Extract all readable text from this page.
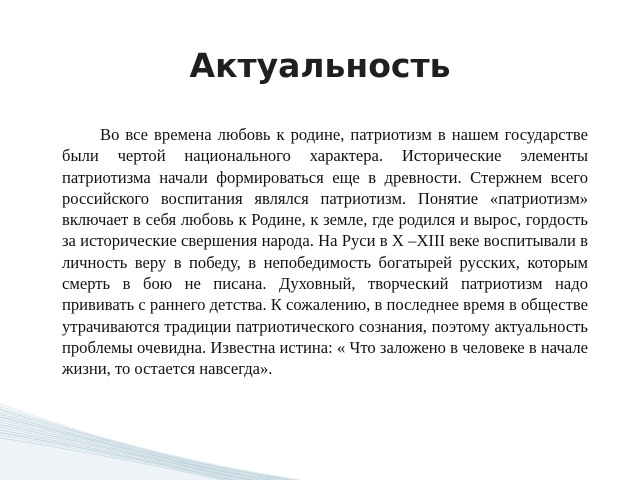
Актуальность

Во все времена любовь к родине, патриотизм в нашем государстве были чертой национального характера. Исторические элементы патриотизма начали формироваться еще в древности. Стержнем всего российского воспитания являлся патриотизм. Понятие «патриотизм» включает в себя любовь к Родине, к земле, где родился и вырос, гордость за исторические свершения народа. На Руси в X –XIII веке воспитывали в личность веру в победу, в непобедимость богатырей русских, которым смерть в бою не писана. Духовный, творческий патриотизм надо прививать с раннего детства. К сожалению, в последнее время в обществе утрачиваются традиции патриотического сознания, поэтому актуальность проблемы очевидна. Известна истина: « Что заложено в человеке в начале жизни, то остается навсегда».
